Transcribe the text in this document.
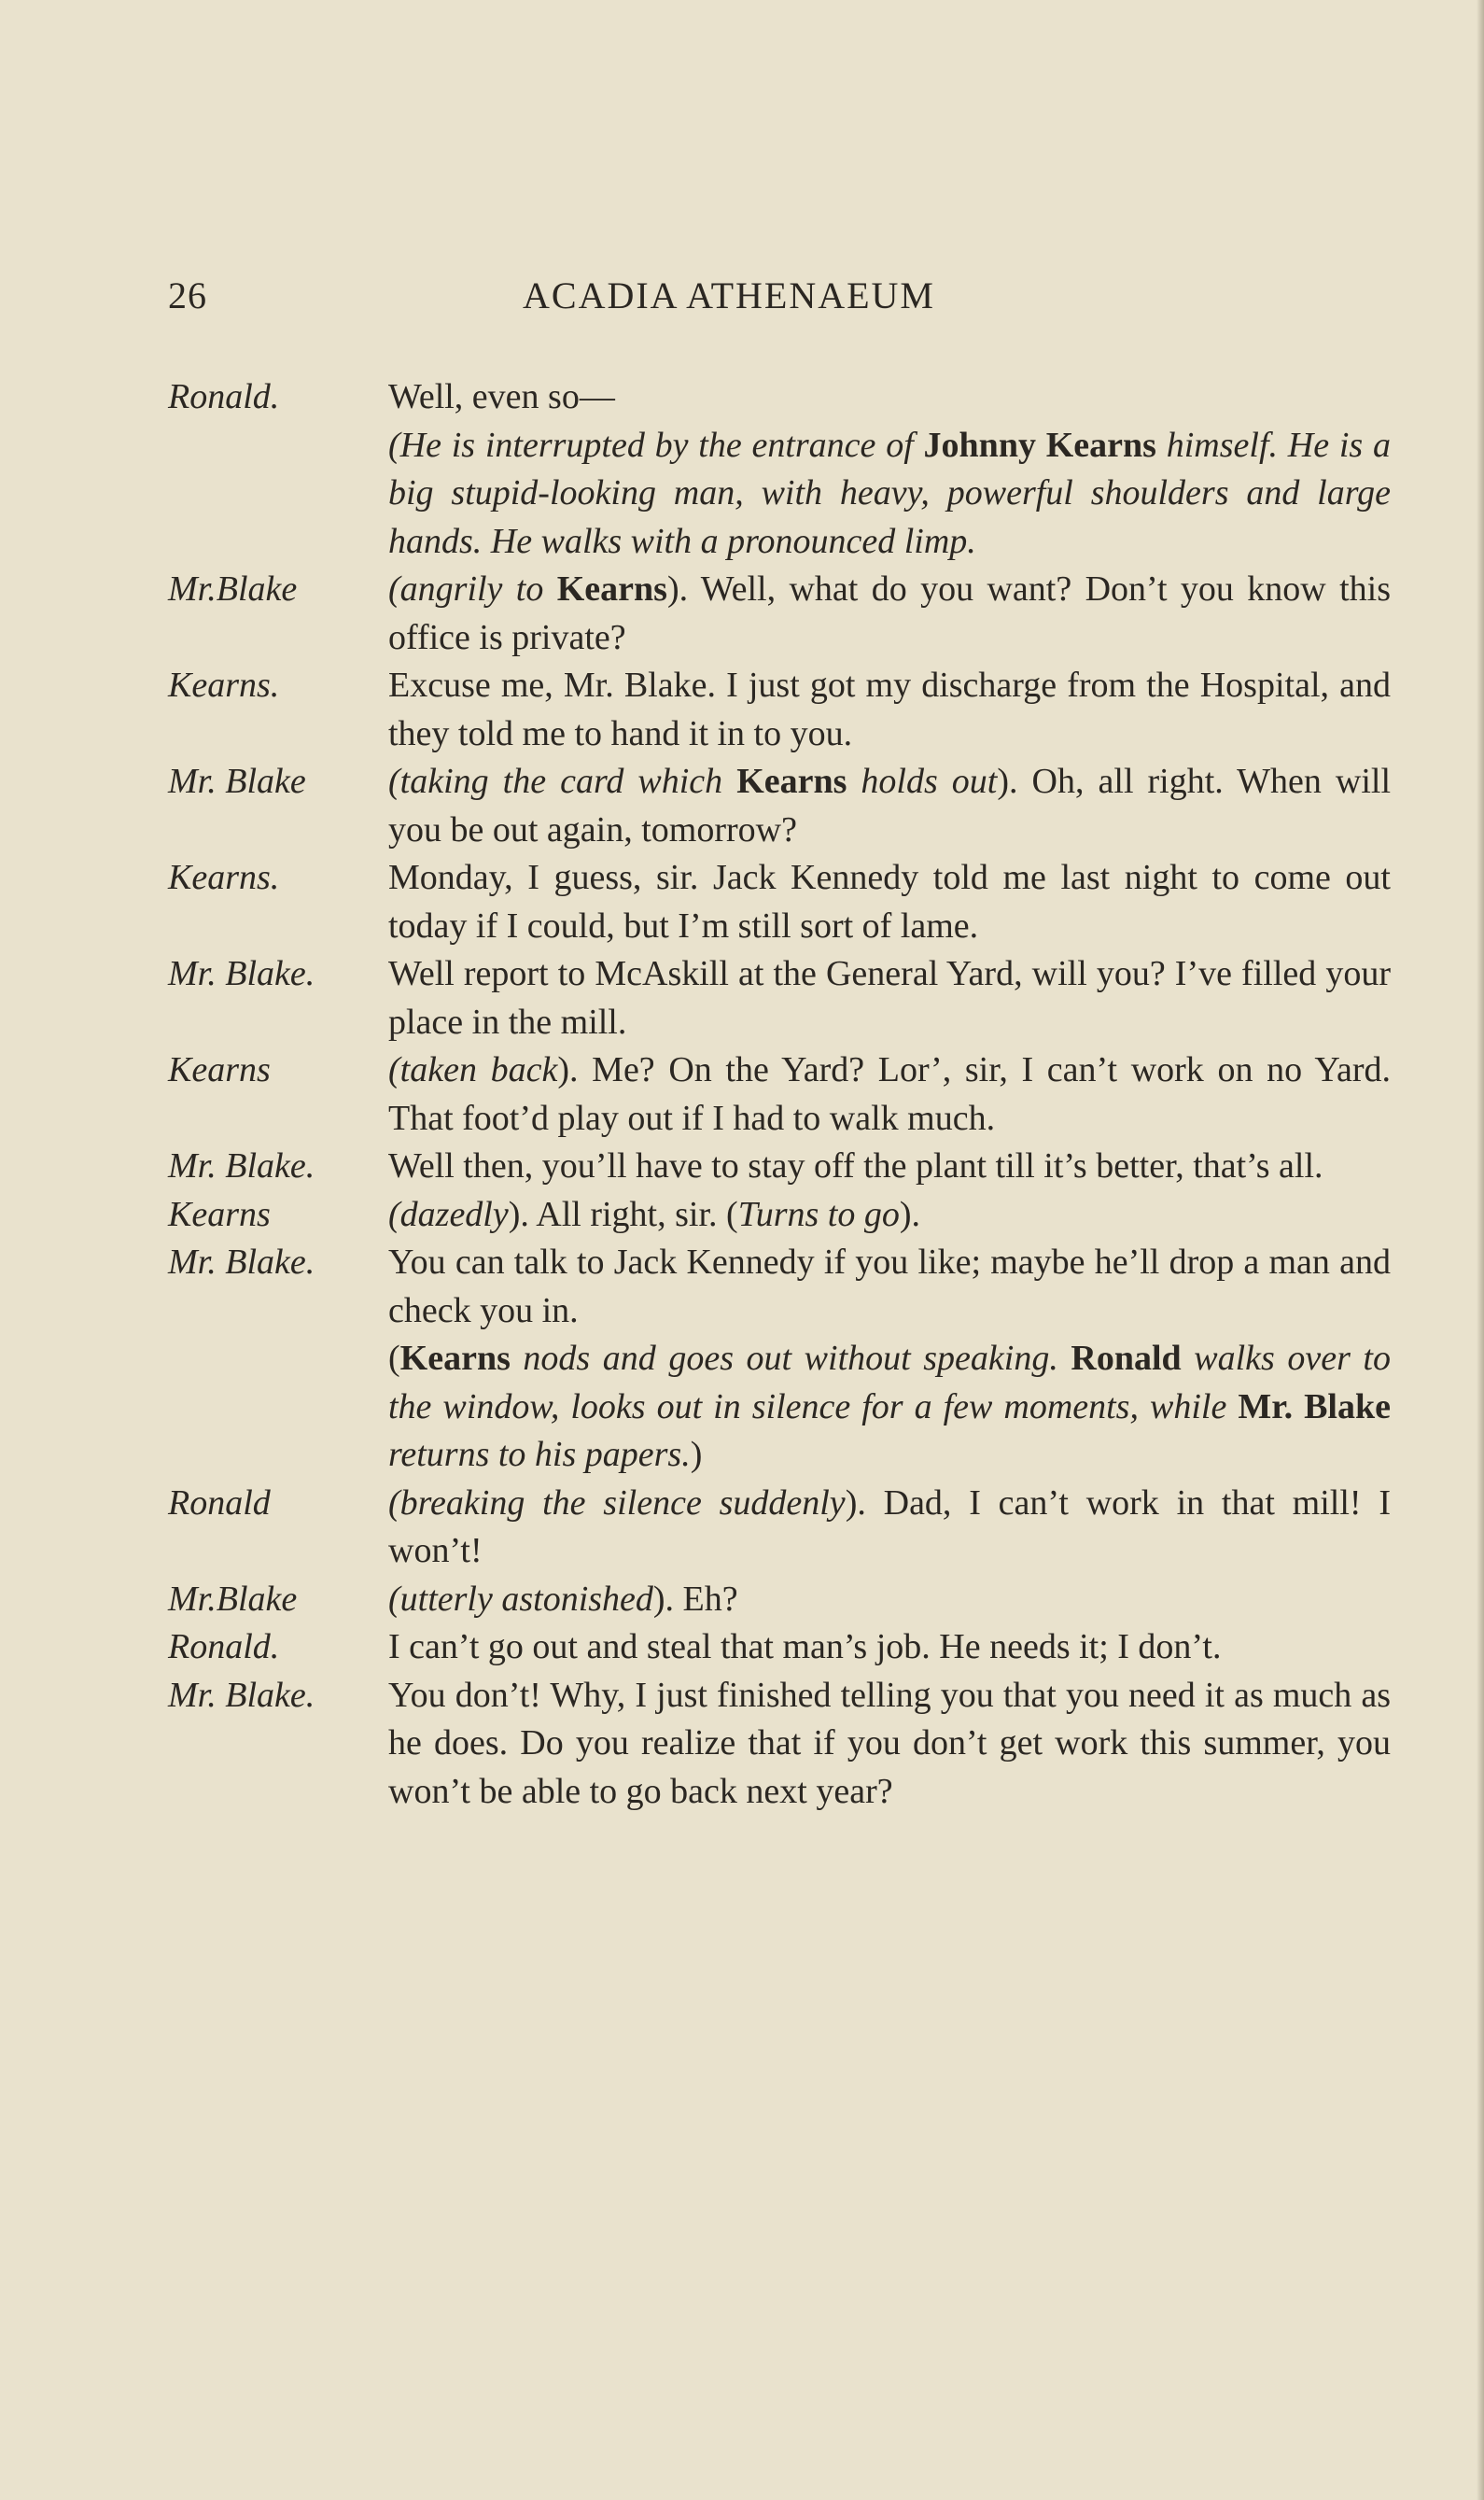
26	ACADIA ATHENAEUM
Ronald.	Well, even so—
(He is interrupted by the entrance of Johnny Kearns himself. He is a big stupid-looking man, with heavy, powerful shoulders and large hands. He walks with a pronounced limp.
Mr.Blake	(angrily to Kearns). Well, what do you want? Don’t you know this office is private?
Kearns.	Excuse me, Mr. Blake. I just got my discharge from the Hospital, and they told me to hand it in to you.
Mr. Blake	(taking the card which Kearns holds out). Oh, all right. When will you be out again, tomorrow?
Kearns.	Monday, I guess, sir. Jack Kennedy told me last night to come out today if I could, but I’m still sort of lame.
Mr. Blake.	Well report to McAskill at the General Yard, will you? I’ve filled your place in the mill.
Kearns	(taken back). Me? On the Yard? Lor’, sir, I can’t work on no Yard. That foot’d play out if I had to walk much.
Mr. Blake.	Well then, you’ll have to stay off the plant till it’s better, that’s all.
Kearns	(dazedly). All right, sir. (Turns to go).
Mr. Blake.	You can talk to Jack Kennedy if you like; maybe he’ll drop a man and check you in.
(Kearns nods and goes out without speaking. Ronald walks over to the window, looks out in silence for a few moments, while Mr. Blake returns to his papers.)
Ronald	(breaking the silence suddenly). Dad, I can’t work in that mill! I won’t!
Mr.Blake	(utterly astonished). Eh?
Ronald.	I can’t go out and steal that man’s job. He needs it; I don’t.
Mr. Blake.	You don’t! Why, I just finished telling you that you need it as much as he does. Do you realize that if you don’t get work this summer, you won’t be able to go back next year?
